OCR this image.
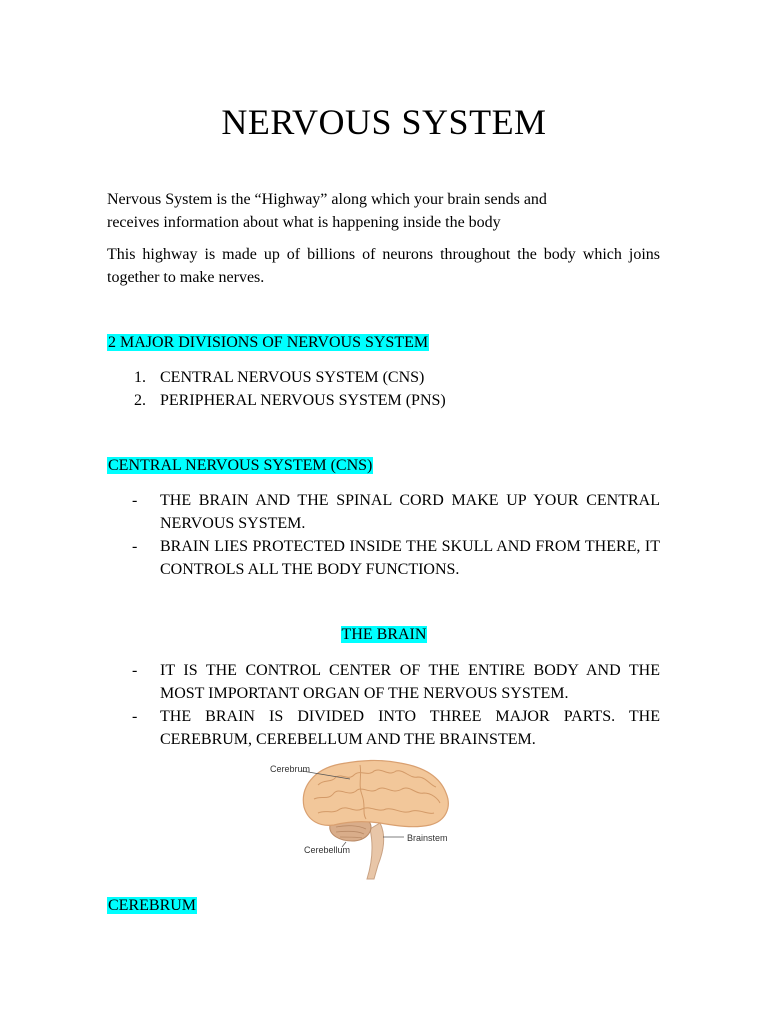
NERVOUS SYSTEM
Nervous System is the “Highway” along which your brain sends and
receives information about what is happening inside the body
This highway is made up of billions of neurons throughout the body which joins together to make nerves.
2 MAJOR DIVISIONS OF NERVOUS SYSTEM
1. CENTRAL NERVOUS SYSTEM (CNS)
2. PERIPHERAL NERVOUS SYSTEM (PNS)
CENTRAL NERVOUS SYSTEM (CNS)
- THE BRAIN AND THE SPINAL CORD MAKE UP YOUR CENTRAL NERVOUS SYSTEM.
- BRAIN LIES PROTECTED INSIDE THE SKULL AND FROM THERE, IT CONTROLS ALL THE BODY FUNCTIONS.
THE BRAIN
- IT IS THE CONTROL CENTER OF THE ENTIRE BODY AND THE MOST IMPORTANT ORGAN OF THE NERVOUS SYSTEM.
- THE BRAIN IS DIVIDED INTO THREE MAJOR PARTS. THE CEREBRUM, CEREBELLUM AND THE BRAINSTEM.
Cerebrum
Brainstem
Cerebellum
CEREBRUM
